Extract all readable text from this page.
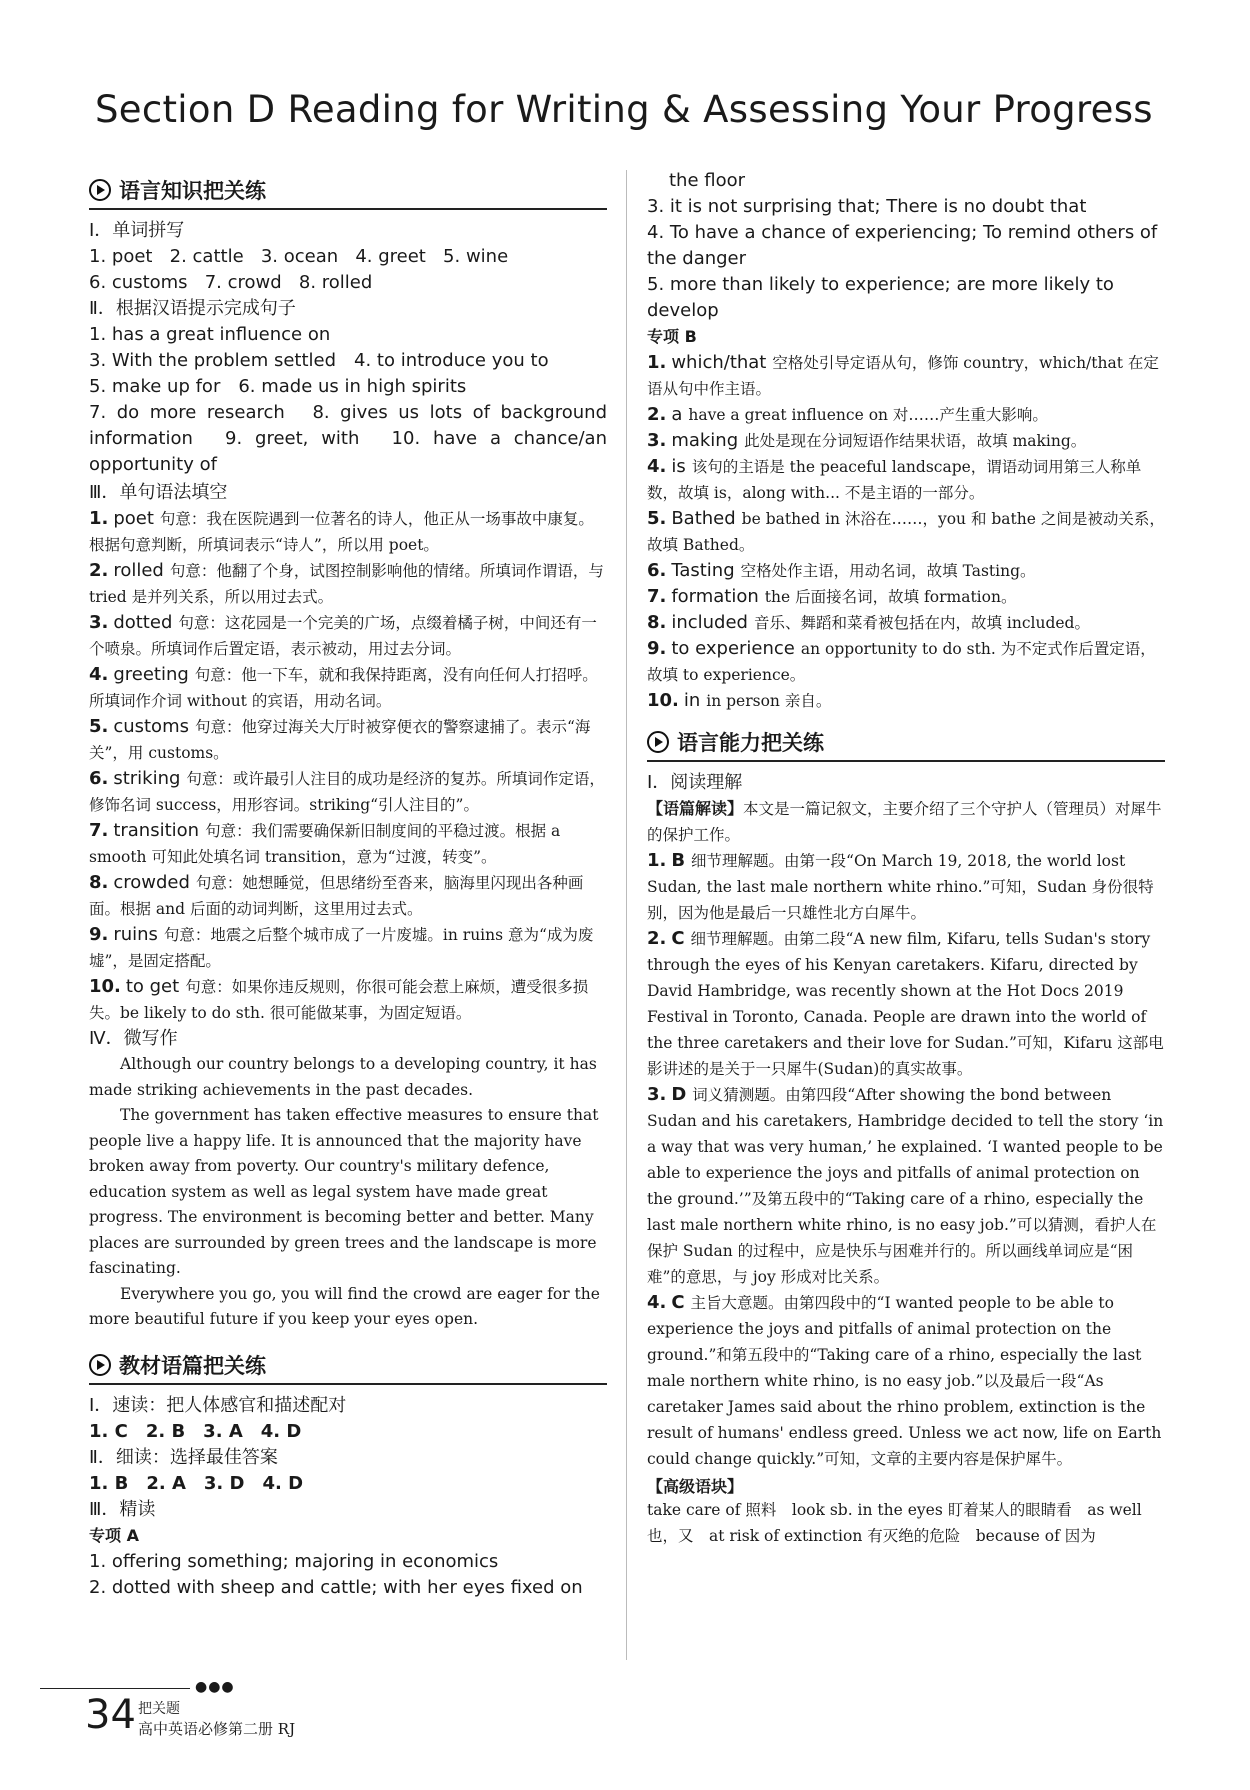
Section D Reading for Writing & Assessing Your Progress
语言知识把关练
Ⅰ．单词拼写
1. poet 2. cattle 3. ocean 4. greet 5. wine
6. customs 7. crowd 8. rolled
Ⅱ．根据汉语提示完成句子
1. has a great influence on
3. With the problem settled　4. to introduce you to
5. make up for　6. made us in high spirits
7. do more research　8. gives us lots of background information　9. greet, with　10. have a chance/an opportunity of
Ⅲ．单句语法填空
1. poet 句意：我在医院遇到一位著名的诗人，他正从一场事故中康复。根据句意判断，所填词表示“诗人”，所以用 poet。
2. rolled 句意：他翻了个身，试图控制影响他的情绪。所填词作谓语，与 tried 是并列关系，所以用过去式。
3. dotted 句意：这花园是一个完美的广场，点缀着橘子树，中间还有一个喷泉。所填词作后置定语，表示被动，用过去分词。
4. greeting 句意：他一下车，就和我保持距离，没有向任何人打招呼。所填词作介词 without 的宾语，用动名词。
5. customs 句意：他穿过海关大厅时被穿便衣的警察逮捕了。表示“海关”，用 customs。
6. striking 句意：或许最引人注目的成功是经济的复苏。所填词作定语，修饰名词 success，用形容词。striking“引人注目的”。
7. transition 句意：我们需要确保新旧制度间的平稳过渡。根据 a smooth 可知此处填名词 transition，意为“过渡，转变”。
8. crowded 句意：她想睡觉，但思绪纷至沓来，脑海里闪现出各种画面。根据 and 后面的动词判断，这里用过去式。
9. ruins 句意：地震之后整个城市成了一片废墟。in ruins 意为“成为废墟”，是固定搭配。
10. to get 句意：如果你违反规则，你很可能会惹上麻烦，遭受很多损失。be likely to do sth. 很可能做某事，为固定短语。
Ⅳ．微写作
Although our country belongs to a developing country, it has made striking achievements in the past decades.
The government has taken effective measures to ensure that people live a happy life. It is announced that the majority have broken away from poverty. Our country's military defence, education system as well as legal system have made great progress. The environment is becoming better and better. Many places are surrounded by green trees and the landscape is more fascinating.
Everywhere you go, you will find the crowd are eager for the more beautiful future if you keep your eyes open.
教材语篇把关练
Ⅰ．速读：把人体感官和描述配对
1. C　2. B　3. A　4. D
Ⅱ．细读：选择最佳答案
1. B　2. A　3. D　4. D
Ⅲ．精读
专项 A
1. offering something; majoring in economics
2. dotted with sheep and cattle; with her eyes fixed on
the floor
3. it is not surprising that; There is no doubt that
4. To have a chance of experiencing; To remind others of the danger
5. more than likely to experience; are more likely to develop
专项 B
1. which/that 空格处引导定语从句，修饰 country，which/that 在定语从句中作主语。
2. a have a great influence on 对……产生重大影响。
3. making 此处是现在分词短语作结果状语，故填 making。
4. is 该句的主语是 the peaceful landscape，谓语动词用第三人称单数，故填 is，along with... 不是主语的一部分。
5. Bathed be bathed in 沐浴在……，you 和 bathe 之间是被动关系，故填 Bathed。
6. Tasting 空格处作主语，用动名词，故填 Tasting。
7. formation the 后面接名词，故填 formation。
8. included 音乐、舞蹈和菜肴被包括在内，故填 included。
9. to experience an opportunity to do sth. 为不定式作后置定语，故填 to experience。
10. in in person 亲自。
语言能力把关练
Ⅰ．阅读理解
【语篇解读】本文是一篇记叙文，主要介绍了三个守护人（管理员）对犀牛的保护工作。
1. B 细节理解题。由第一段“On March 19, 2018, the world lost Sudan, the last male northern white rhino.”可知，Sudan 身份很特别，因为他是最后一只雄性北方白犀牛。
2. C 细节理解题。由第二段“A new film, Kifaru, tells Sudan's story through the eyes of his Kenyan caretakers. Kifaru, directed by David Hambridge, was recently shown at the Hot Docs 2019 Festival in Toronto, Canada. People are drawn into the world of the three caretakers and their love for Sudan.”可知，Kifaru 这部电影讲述的是关于一只犀牛(Sudan)的真实故事。
3. D 词义猜测题。由第四段“After showing the bond between Sudan and his caretakers, Hambridge decided to tell the story ‘in a way that was very human,’ he explained. ‘I wanted people to be able to experience the joys and pitfalls of animal protection on the ground.’”及第五段中的“Taking care of a rhino, especially the last male northern white rhino, is no easy job.”可以猜测，看护人在保护 Sudan 的过程中，应是快乐与困难并行的。所以画线单词应是“困难”的意思，与 joy 形成对比关系。
4. C 主旨大意题。由第四段中的“I wanted people to be able to experience the joys and pitfalls of animal protection on the ground.”和第五段中的“Taking care of a rhino, especially the last male northern white rhino, is no easy job.”以及最后一段“As caretaker James said about the rhino problem, extinction is the result of humans' endless greed. Unless we act now, life on Earth could change quickly.”可知，文章的主要内容是保护犀牛。
【高级语块】
take care of 照料　look sb. in the eyes 盯着某人的眼睛看　as well 也，又　at risk of extinction 有灭绝的危险　because of 因为
●●●
34 把关题
高中英语必修第二册 RJ
